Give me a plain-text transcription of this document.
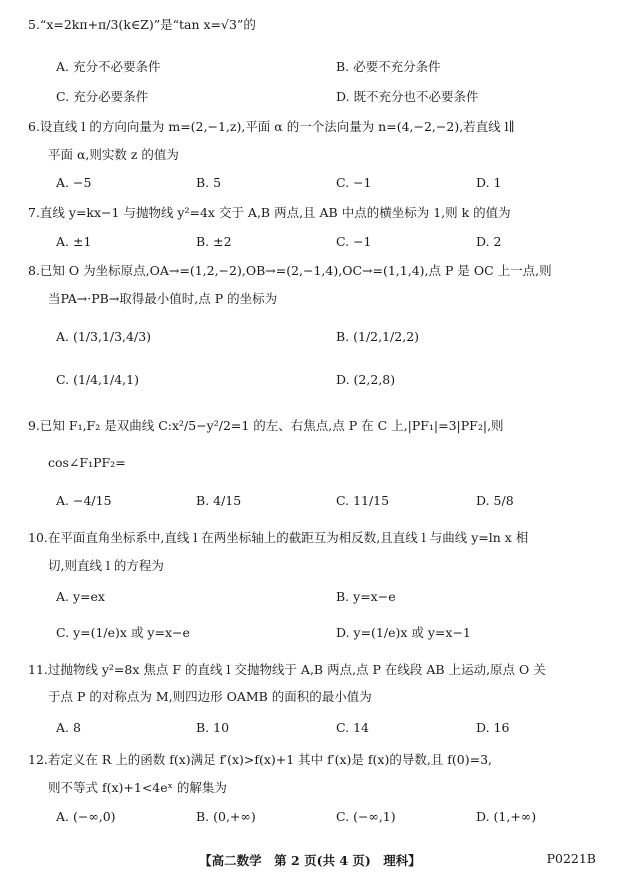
5.“x=2kπ+π/3(k∈Z)”是“tan x=√3”的
A. 充分不必要条件	B. 必要不充分条件
C. 充分必要条件	D. 既不充分也不必要条件
6.设直线 l 的方向向量为 m=(2,−1,z),平面 α 的一个法向量为 n=(4,−2,−2),若直线 l∥
平面 α,则实数 z 的值为
A. −5	B. 5	C. −1	D. 1
7.直线 y=kx−1 与抛物线 y²=4x 交于 A,B 两点,且 AB 中点的横坐标为 1,则 k 的值为
A. ±1	B. ±2	C. −1	D. 2
8.已知 O 为坐标原点,OA→=(1,2,−2),OB→=(2,−1,4),OC→=(1,1,4),点 P 是 OC 上一点,则
当PA→·PB→取得最小值时,点 P 的坐标为
A. (1/3,1/3,4/3)	B. (1/2,1/2,2)
C. (1/4,1/4,1)	D. (2,2,8)
9.已知 F₁,F₂ 是双曲线 C:x²/5−y²/2=1 的左、右焦点,点 P 在 C 上,|PF₁|=3|PF₂|,则
cos∠F₁PF₂=
A. −4/15	B. 4/15	C. 11/15	D. 5/8
10.在平面直角坐标系中,直线 l 在两坐标轴上的截距互为相反数,且直线 l 与曲线 y=ln x 相
切,则直线 l 的方程为
A. y=ex	B. y=x−e
C. y=(1/e)x 或 y=x−e	D. y=(1/e)x 或 y=x−1
11.过抛物线 y²=8x 焦点 F 的直线 l 交抛物线于 A,B 两点,点 P 在线段 AB 上运动,原点 O 关
于点 P 的对称点为 M,则四边形 OAMB 的面积的最小值为
A. 8	B. 10	C. 14	D. 16
12.若定义在 R 上的函数 f(x)满足 f′(x)>f(x)+1 其中 f′(x)是 f(x)的导数,且 f(0)=3,
则不等式 f(x)+1<4eˣ 的解集为
A. (−∞,0)	B. (0,+∞)	C. (−∞,1)	D. (1,+∞)
【高二数学　第 2 页(共 4 页)　理科】	P0221B
